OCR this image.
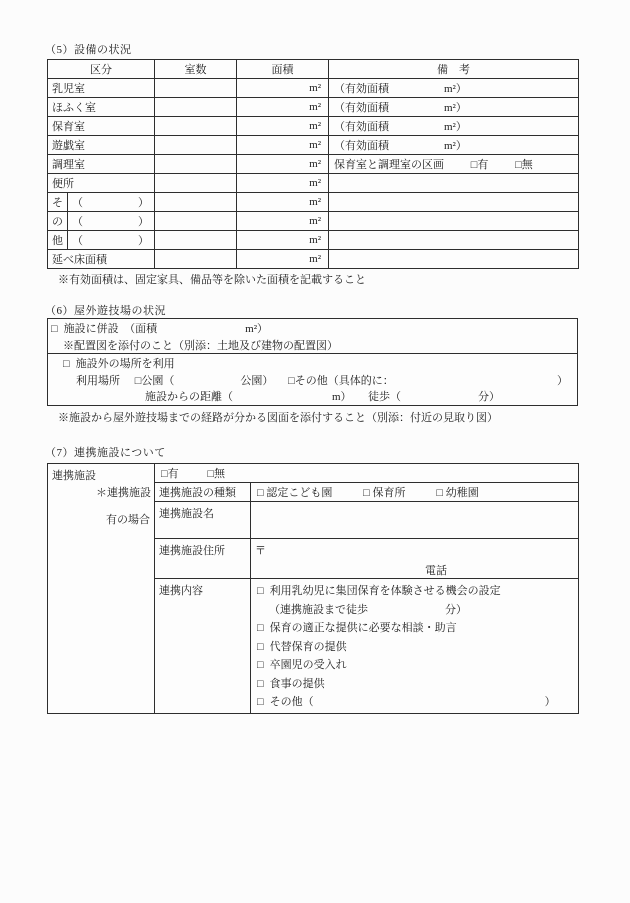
（5）設備の状況
区分		室数	面積	備　考
乳児室			m²	（有効面積　　　　　m²）
ほふく室			m²	（有効面積　　　　　m²）
保育室			m²	（有効面積　　　　　m²）
遊戯室			m²	（有効面積　　　　　m²）
調理室			m²	保育室と調理室の区画 □有 □無
便所			m²	
そ	（　　　　　）		m²	
の	（　　　　　）		m²	
他	（　　　　　）		m²	
延べ床面積			m²	
※有効面積は、固定家具、備品等を除いた面積を記載すること
（6）屋外遊技場の状況
□ 施設に併設　（面積　　　　　　　　m²）
※配置図を添付のこと（別添：土地及び建物の配置図）
□ 施設外の場所を利用
利用場所 □公園（　　　　　　公園） □その他（具体的に：	）
施設からの距離（　　　　　　　　　m）　　徒歩（　　　　　　　分）
※施設から屋外遊技場までの経路が分かる図面を添付すること（別添：付近の見取り図）
（7）連携施設について
連携施設
＊連携施設
有の場合	□有 □無	
	連携施設の種類	□ 認定こども園 □ 保育所 □ 幼稚園
	連携施設名	
	連携施設住所	〒
電話

連携内容	□ 利用乳幼児に集団保育を体験させる機会の設定
（連携施設まで徒歩　　　　　　　分）
□ 保育の適正な提供に必要な相談・助言
□ 代替保育の提供
□ 卒園児の受入れ
□ 食事の提供
□ その他（　　　　　　　　　　　　　　　　　　　　　）
